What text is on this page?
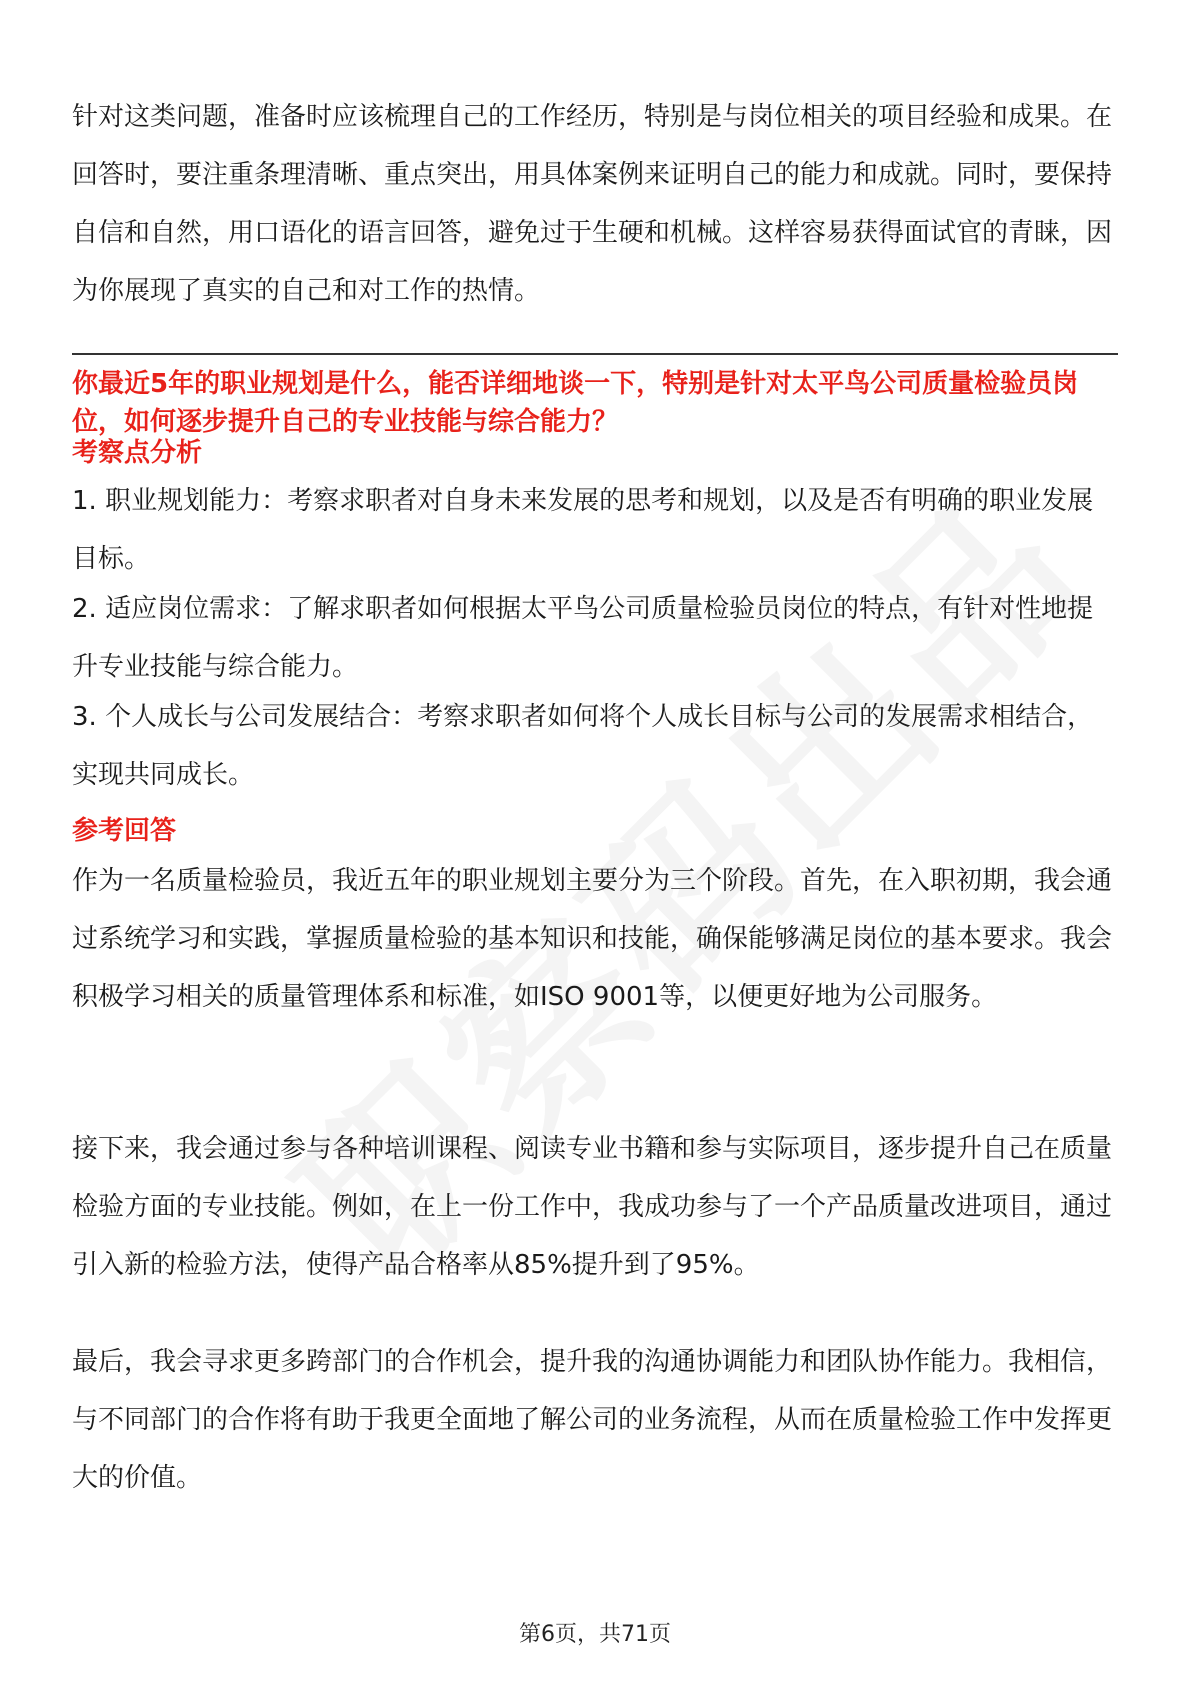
针对这类问题，准备时应该梳理自己的工作经历，特别是与岗位相关的项目经验和成果。在回答时，要注重条理清晰、重点突出，用具体案例来证明自己的能力和成就。同时，要保持自信和自然，用口语化的语言回答，避免过于生硬和机械。这样容易获得面试官的青睐，因为你展现了真实的自己和对工作的热情。

你最近5年的职业规划是什么，能否详细地谈一下，特别是针对太平鸟公司质量检验员岗位，如何逐步提升自己的专业技能与综合能力？

考察点分析

1. 职业规划能力：考察求职者对自身未来发展的思考和规划，以及是否有明确的职业发展目标。

2. 适应岗位需求：了解求职者如何根据太平鸟公司质量检验员岗位的特点，有针对性地提升专业技能与综合能力。

3. 个人成长与公司发展结合：考察求职者如何将个人成长目标与公司的发展需求相结合，实现共同成长。

参考回答

作为一名质量检验员，我近五年的职业规划主要分为三个阶段。首先，在入职初期，我会通过系统学习和实践，掌握质量检验的基本知识和技能，确保能够满足岗位的基本要求。我会积极学习相关的质量管理体系和标准，如ISO 9001等，以便更好地为公司服务。

接下来，我会通过参与各种培训课程、阅读专业书籍和参与实际项目，逐步提升自己在质量检验方面的专业技能。例如，在上一份工作中，我成功参与了一个产品质量改进项目，通过引入新的检验方法，使得产品合格率从85%提升到了95%。

最后，我会寻求更多跨部门的合作机会，提升我的沟通协调能力和团队协作能力。我相信，与不同部门的合作将有助于我更全面地了解公司的业务流程，从而在质量检验工作中发挥更大的价值。

第6页，共71页
